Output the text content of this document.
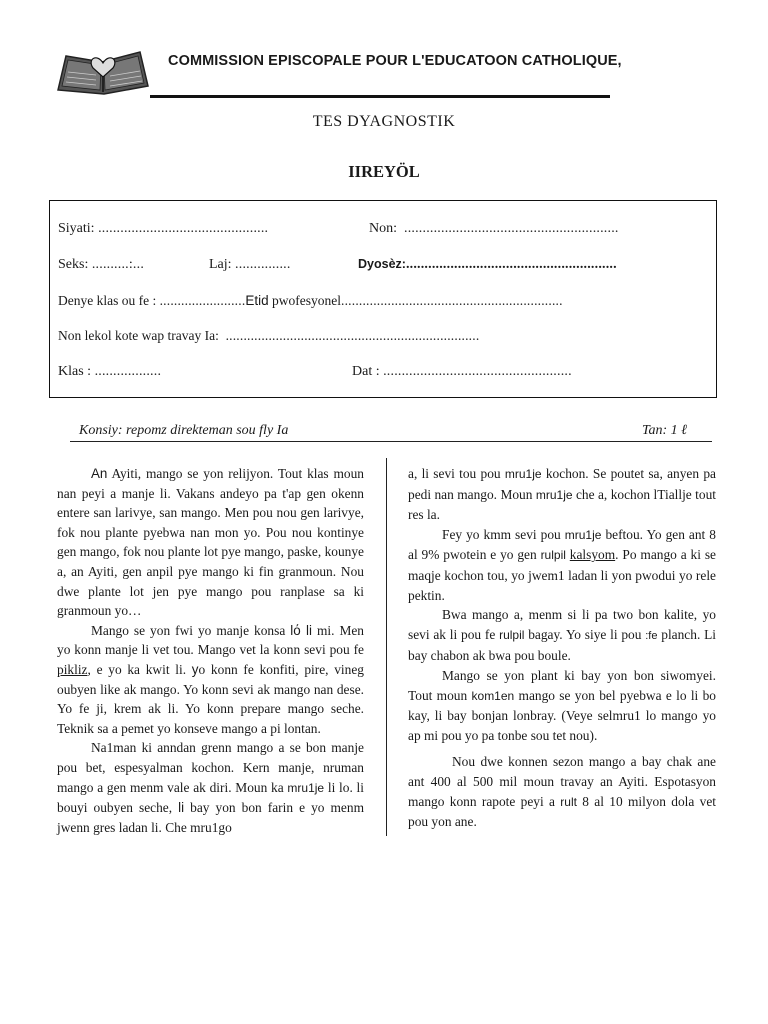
COMMISSION EPISCOPALE POUR L'EDUCATOON CATHOLIQUE,
TES DYAGNOSTIK
IIREYÖL
Siyati: ..............................................	Non: ..........................................................
Seks: ..........:...	Laj: ...............	Dyosèz:.........................................................
Denye klas ou fe : ........................Etid pwofesyonel..............................................................
Non lekol kote wap travay Ia: .......................................................................
Klas : ..................	Dat : ...................................................
Konsiy: repomz direkteman sou fly Ia	Tan: 1 ℓ

An Ayiti, mango se yon relijyon. Tout klas moun nan peyi a manje li. Vakans andeyo pa t'ap gen okenn entere san larivye, san mango. Men pou nou gen larivye, fok nou plante pyebwa nan mon yo. Pou nou kontinye gen mango, fok nou plante lot pye mango, paske, kounye a, an Ayiti, gen anpil pye mango ki fin granmoun. Nou dwe plante lot jen pye mango pou ranplase sa ki granmoun yo…

Mango se yon fwi yo manje konsa lό li mi. Men yo konn manje li vet tou. Mango vet la konn sevi pou fe pikliz, e yo ka kwit li. yo konn fe konfiti, pire, vineg oubyen like ak mango. Yo konn sevi ak mango nan dese. Yo fe ji, krem ak li. Yo konn prepare mango seche. Teknik sa a pemet yo konseve mango a pi lontan.

Na1man ki anndan grenn mango a se bon manje pou bet, espesyalman kochon. Kern manje, nruman mango a gen menm vale ak diri. Moun ka mru1je li lo. li bouyi oubyen seche, li bay yon bon farin e yo menm jwenn gres ladan li. Che mru1go

a, li sevi tou pou mru1je kochon. Se poutet sa, anyen pa pedi nan mango. Moun mru1je che a, kochon lTiallje tout res la.

Fey yo kmm sevi pou mru1je beftou. Yo gen ant 8 al 9% pwotein e yo gen rulpil kalsyom. Po mango a ki se maqje kochon tou, yo jwem1 ladan li yon pwodui yo rele pektin.

Bwa mango a, menm si li pa two bon kalite, yo sevi ak li pou fe rulpil bagay. Yo siye li pou :fe planch. Li bay chabon ak bwa pou boule.

Mango se yon plant ki bay yon bon siwomyei. Tout moun kom1en mango se yon bel pyebwa e lo li bo kay, li bay bonjan lonbray. (Veye selmru1 lo mango yo ap mi pou yo pa tonbe sou tet nou).

Nou dwe konnen sezon mango a bay chak ane ant 400 al 500 mil moun travay an Ayiti. Espotasyon mango konn rapote peyi a rult 8 al 10 milyon dola vet pou yon ane.
